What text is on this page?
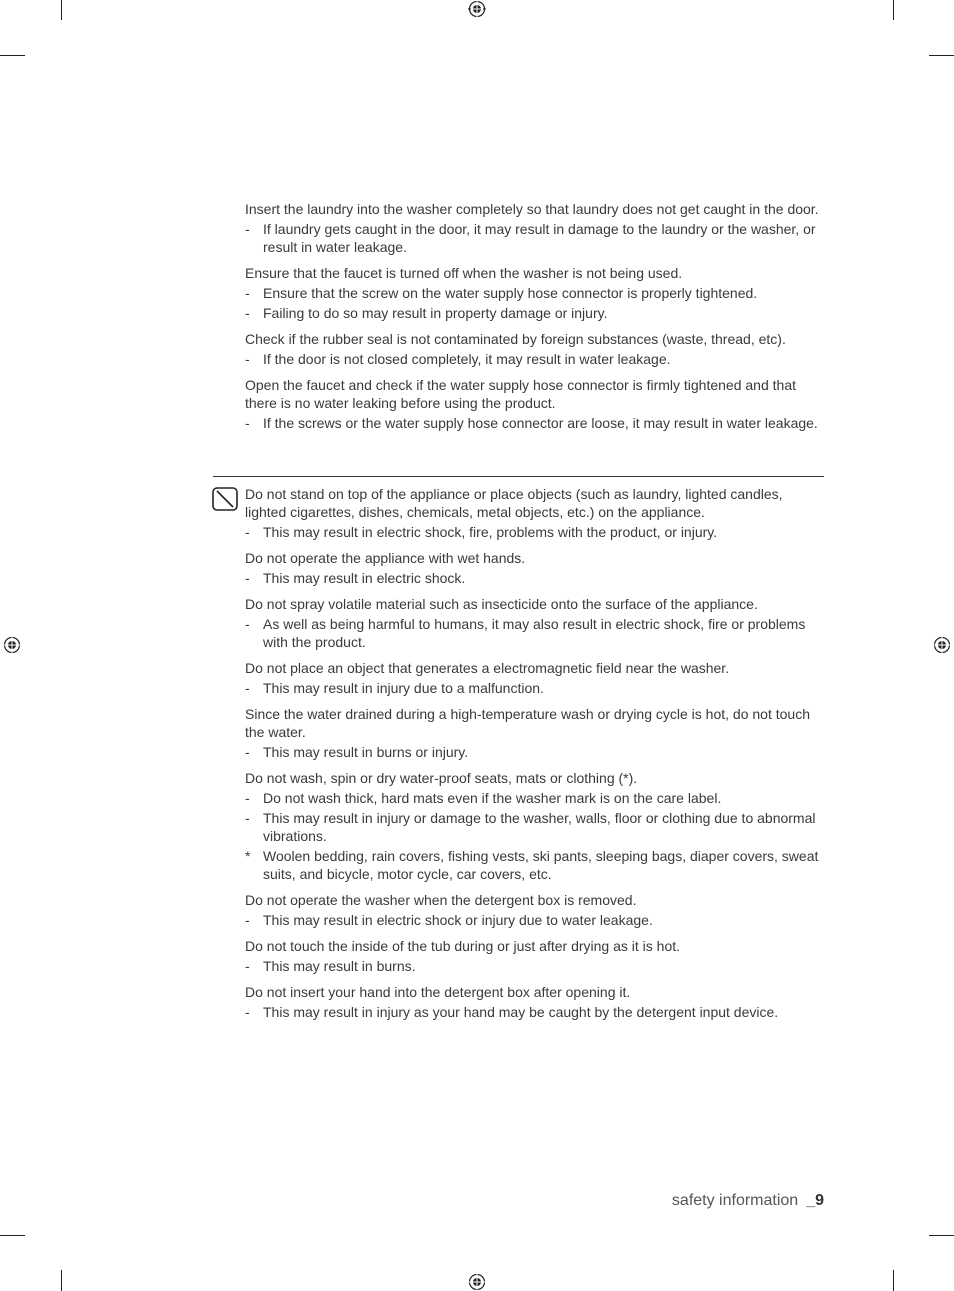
Insert the laundry into the washer completely so that laundry does not get caught in the door.

- If laundry gets caught in the door, it may result in damage to the laundry or the washer, or result in water leakage.

Ensure that the faucet is turned off when the washer is not being used.

- Ensure that the screw on the water supply hose connector is properly tightened.
- Failing to do so may result in property damage or injury.

Check if the rubber seal is not contaminated by foreign substances (waste, thread, etc).

- If the door is not closed completely, it may result in water leakage.

Open the faucet and check if the water supply hose connector is firmly tightened and that there is no water leaking before using the product.

- If the screws or the water supply hose connector are loose, it may result in water leakage.

Do not stand on top of the appliance or place objects (such as laundry, lighted candles, lighted cigarettes, dishes, chemicals, metal objects, etc.) on the appliance.

- This may result in electric shock, fire, problems with the product, or injury.

Do not operate the appliance with wet hands.

- This may result in electric shock.

Do not spray volatile material such as insecticide onto the surface of the appliance.

- As well as being harmful to humans, it may also result in electric shock, fire or problems with the product.

Do not place an object that generates a electromagnetic field near the washer.

- This may result in injury due to a malfunction.

Since the water drained during a high-temperature wash or drying cycle is hot, do not touch the water.

- This may result in burns or injury.

Do not wash, spin or dry water-proof seats, mats or clothing (*).

- Do not wash thick, hard mats even if the washer mark is on the care label.
- This may result in injury or damage to the washer, walls, floor or clothing due to abnormal vibrations.
* Woolen bedding, rain covers, fishing vests, ski pants, sleeping bags, diaper covers, sweat suits, and bicycle, motor cycle, car covers, etc.

Do not operate the washer when the detergent box is removed.

- This may result in electric shock or injury due to water leakage.

Do not touch the inside of the tub during or just after drying as it is hot.

- This may result in burns.

Do not insert your hand into the detergent box after opening it.

- This may result in injury as your hand may be caught by the detergent input device.
safety information _9
